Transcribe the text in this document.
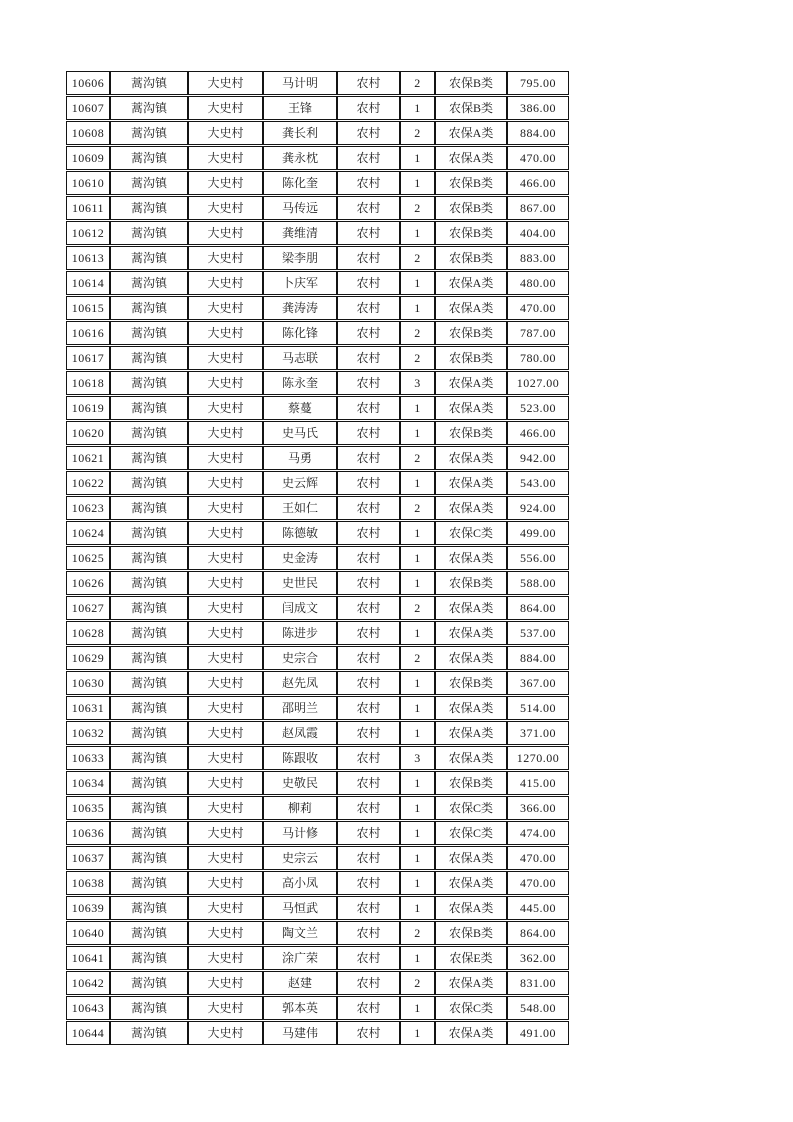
10606	蒿沟镇	大史村	马计明	农村	2	农保B类	795.00
10607	蒿沟镇	大史村	王锋	农村	1	农保B类	386.00
10608	蒿沟镇	大史村	龚长利	农村	2	农保A类	884.00
10609	蒿沟镇	大史村	龚永枕	农村	1	农保A类	470.00
10610	蒿沟镇	大史村	陈化奎	农村	1	农保B类	466.00
10611	蒿沟镇	大史村	马传远	农村	2	农保B类	867.00
10612	蒿沟镇	大史村	龚维清	农村	1	农保B类	404.00
10613	蒿沟镇	大史村	梁李朋	农村	2	农保B类	883.00
10614	蒿沟镇	大史村	卜庆军	农村	1	农保A类	480.00
10615	蒿沟镇	大史村	龚涛涛	农村	1	农保A类	470.00
10616	蒿沟镇	大史村	陈化锋	农村	2	农保B类	787.00
10617	蒿沟镇	大史村	马志联	农村	2	农保B类	780.00
10618	蒿沟镇	大史村	陈永奎	农村	3	农保A类	1027.00
10619	蒿沟镇	大史村	蔡蔓	农村	1	农保A类	523.00
10620	蒿沟镇	大史村	史马氏	农村	1	农保B类	466.00
10621	蒿沟镇	大史村	马勇	农村	2	农保A类	942.00
10622	蒿沟镇	大史村	史云辉	农村	1	农保A类	543.00
10623	蒿沟镇	大史村	王如仁	农村	2	农保A类	924.00
10624	蒿沟镇	大史村	陈德敏	农村	1	农保C类	499.00
10625	蒿沟镇	大史村	史金涛	农村	1	农保A类	556.00
10626	蒿沟镇	大史村	史世民	农村	1	农保B类	588.00
10627	蒿沟镇	大史村	闫成文	农村	2	农保A类	864.00
10628	蒿沟镇	大史村	陈进步	农村	1	农保A类	537.00
10629	蒿沟镇	大史村	史宗合	农村	2	农保A类	884.00
10630	蒿沟镇	大史村	赵先凤	农村	1	农保B类	367.00
10631	蒿沟镇	大史村	邵明兰	农村	1	农保A类	514.00
10632	蒿沟镇	大史村	赵凤霞	农村	1	农保A类	371.00
10633	蒿沟镇	大史村	陈跟收	农村	3	农保A类	1270.00
10634	蒿沟镇	大史村	史敬民	农村	1	农保B类	415.00
10635	蒿沟镇	大史村	柳莉	农村	1	农保C类	366.00
10636	蒿沟镇	大史村	马计修	农村	1	农保C类	474.00
10637	蒿沟镇	大史村	史宗云	农村	1	农保A类	470.00
10638	蒿沟镇	大史村	高小凤	农村	1	农保A类	470.00
10639	蒿沟镇	大史村	马恒武	农村	1	农保A类	445.00
10640	蒿沟镇	大史村	陶文兰	农村	2	农保B类	864.00
10641	蒿沟镇	大史村	涂广荣	农村	1	农保E类	362.00
10642	蒿沟镇	大史村	赵建	农村	2	农保A类	831.00
10643	蒿沟镇	大史村	郭本英	农村	1	农保C类	548.00
10644	蒿沟镇	大史村	马建伟	农村	1	农保A类	491.00
